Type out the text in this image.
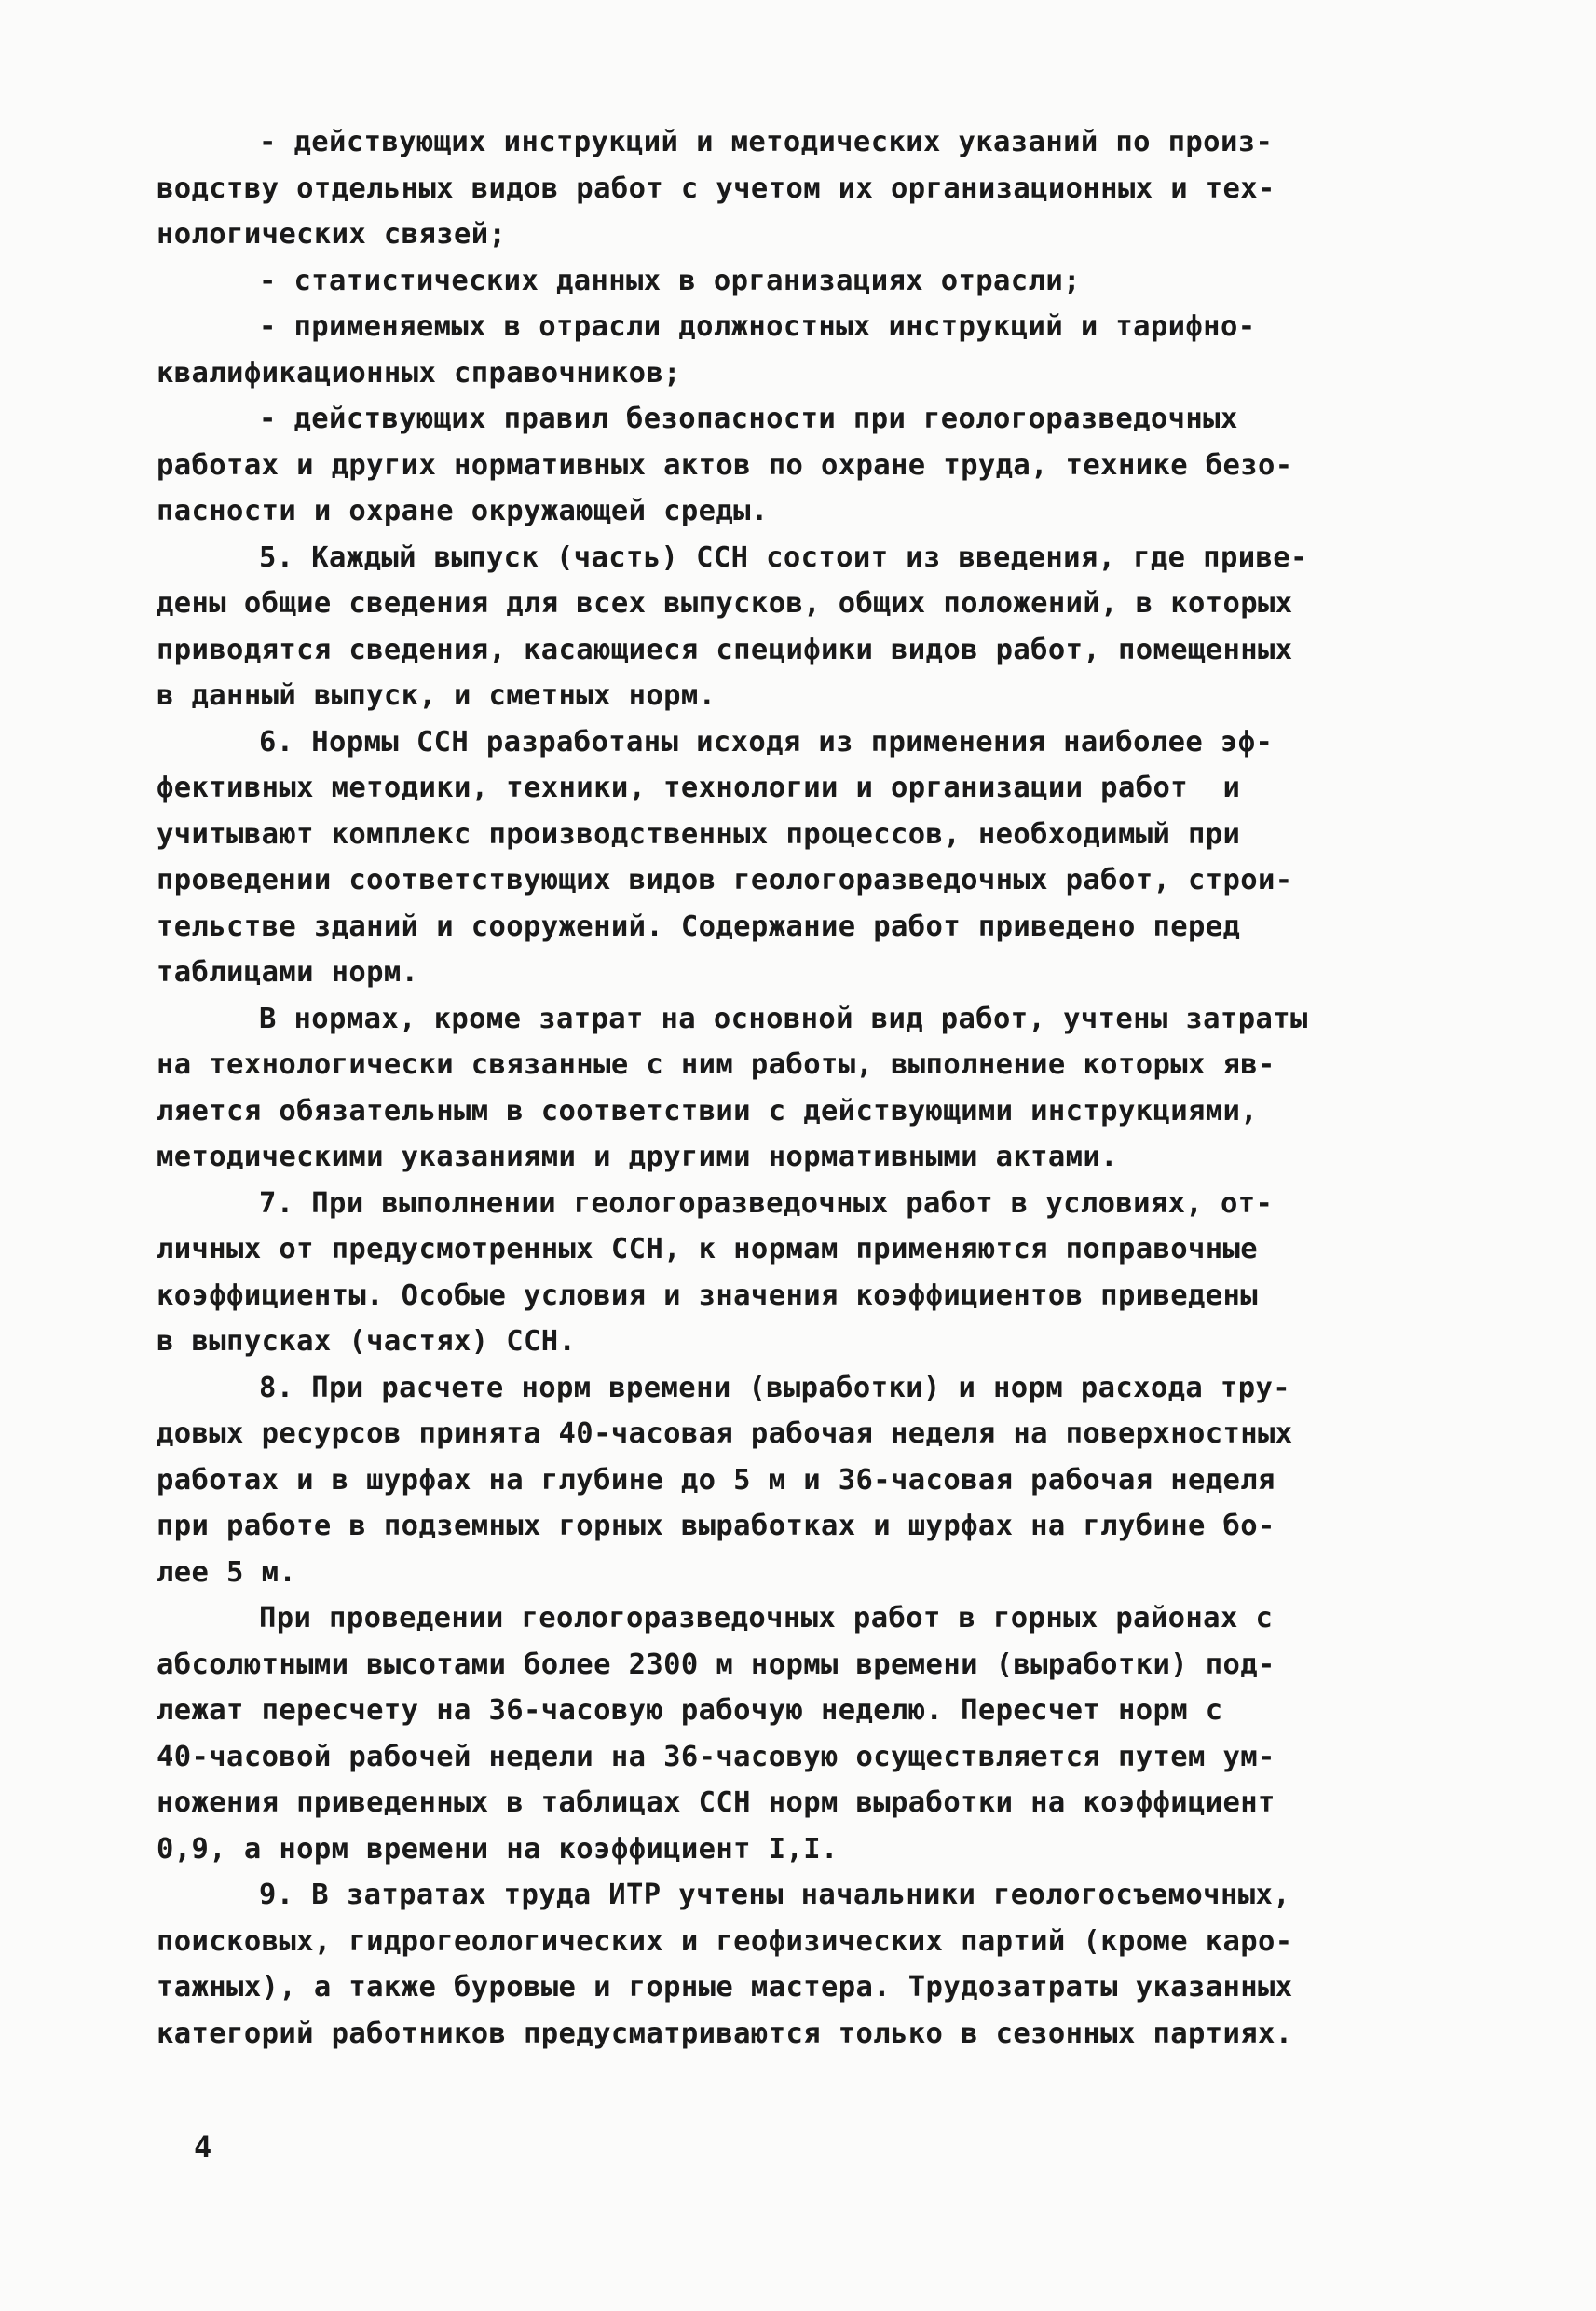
- действующих инструкций и методических указаний по произ-
водству отдельных видов работ с учетом их организационных и тех-
нологических связей;
- статистических данных в организациях отрасли;
- применяемых в отрасли должностных инструкций и тарифно-
квалификационных справочников;
- действующих правил безопасности при геологоразведочных
работах и других нормативных актов по охране труда, технике безо-
пасности и охране окружающей среды.
5. Каждый выпуск (часть) ССН состоит из введения, где приве-
дены общие сведения для всех выпусков, общих положений, в которых
приводятся сведения, касающиеся специфики видов работ, помещенных
в данный выпуск, и сметных норм.
6. Нормы ССН разработаны исходя из применения наиболее эф-
фективных методики, техники, технологии и организации работ  и
учитывают комплекс производственных процессов, необходимый при
проведении соответствующих видов геологоразведочных работ, строи-
тельстве зданий и сооружений. Содержание работ приведено перед
таблицами норм.
В нормах, кроме затрат на основной вид работ, учтены затраты
на технологически связанные с ним работы, выполнение которых яв-
ляется обязательным в соответствии с действующими инструкциями,
методическими указаниями и другими нормативными актами.
7. При выполнении геологоразведочных работ в условиях, от-
личных от предусмотренных ССН, к нормам применяются поправочные
коэффициенты. Особые условия и значения коэффициентов приведены
в выпусках (частях) ССН.
8. При расчете норм времени (выработки) и норм расхода тру-
довых ресурсов принята 40-часовая рабочая неделя на поверхностных
работах и в шурфах на глубине до 5 м и 36-часовая рабочая неделя
при работе в подземных горных выработках и шурфах на глубине бо-
лее 5 м.
При проведении геологоразведочных работ в горных районах с
абсолютными высотами более 2300 м нормы времени (выработки) под-
лежат пересчету на 36-часовую рабочую неделю. Пересчет норм с
40-часовой рабочей недели на 36-часовую осуществляется путем ум-
ножения приведенных в таблицах ССН норм выработки на коэффициент
0,9, а норм времени на коэффициент I,I.
9. В затратах труда ИТР учтены начальники геологосъемочных,
поисковых, гидрогеологических и геофизических партий (кроме каро-
тажных), а также буровые и горные мастера. Трудозатраты указанных
категорий работников предусматриваются только в сезонных партиях.
4
